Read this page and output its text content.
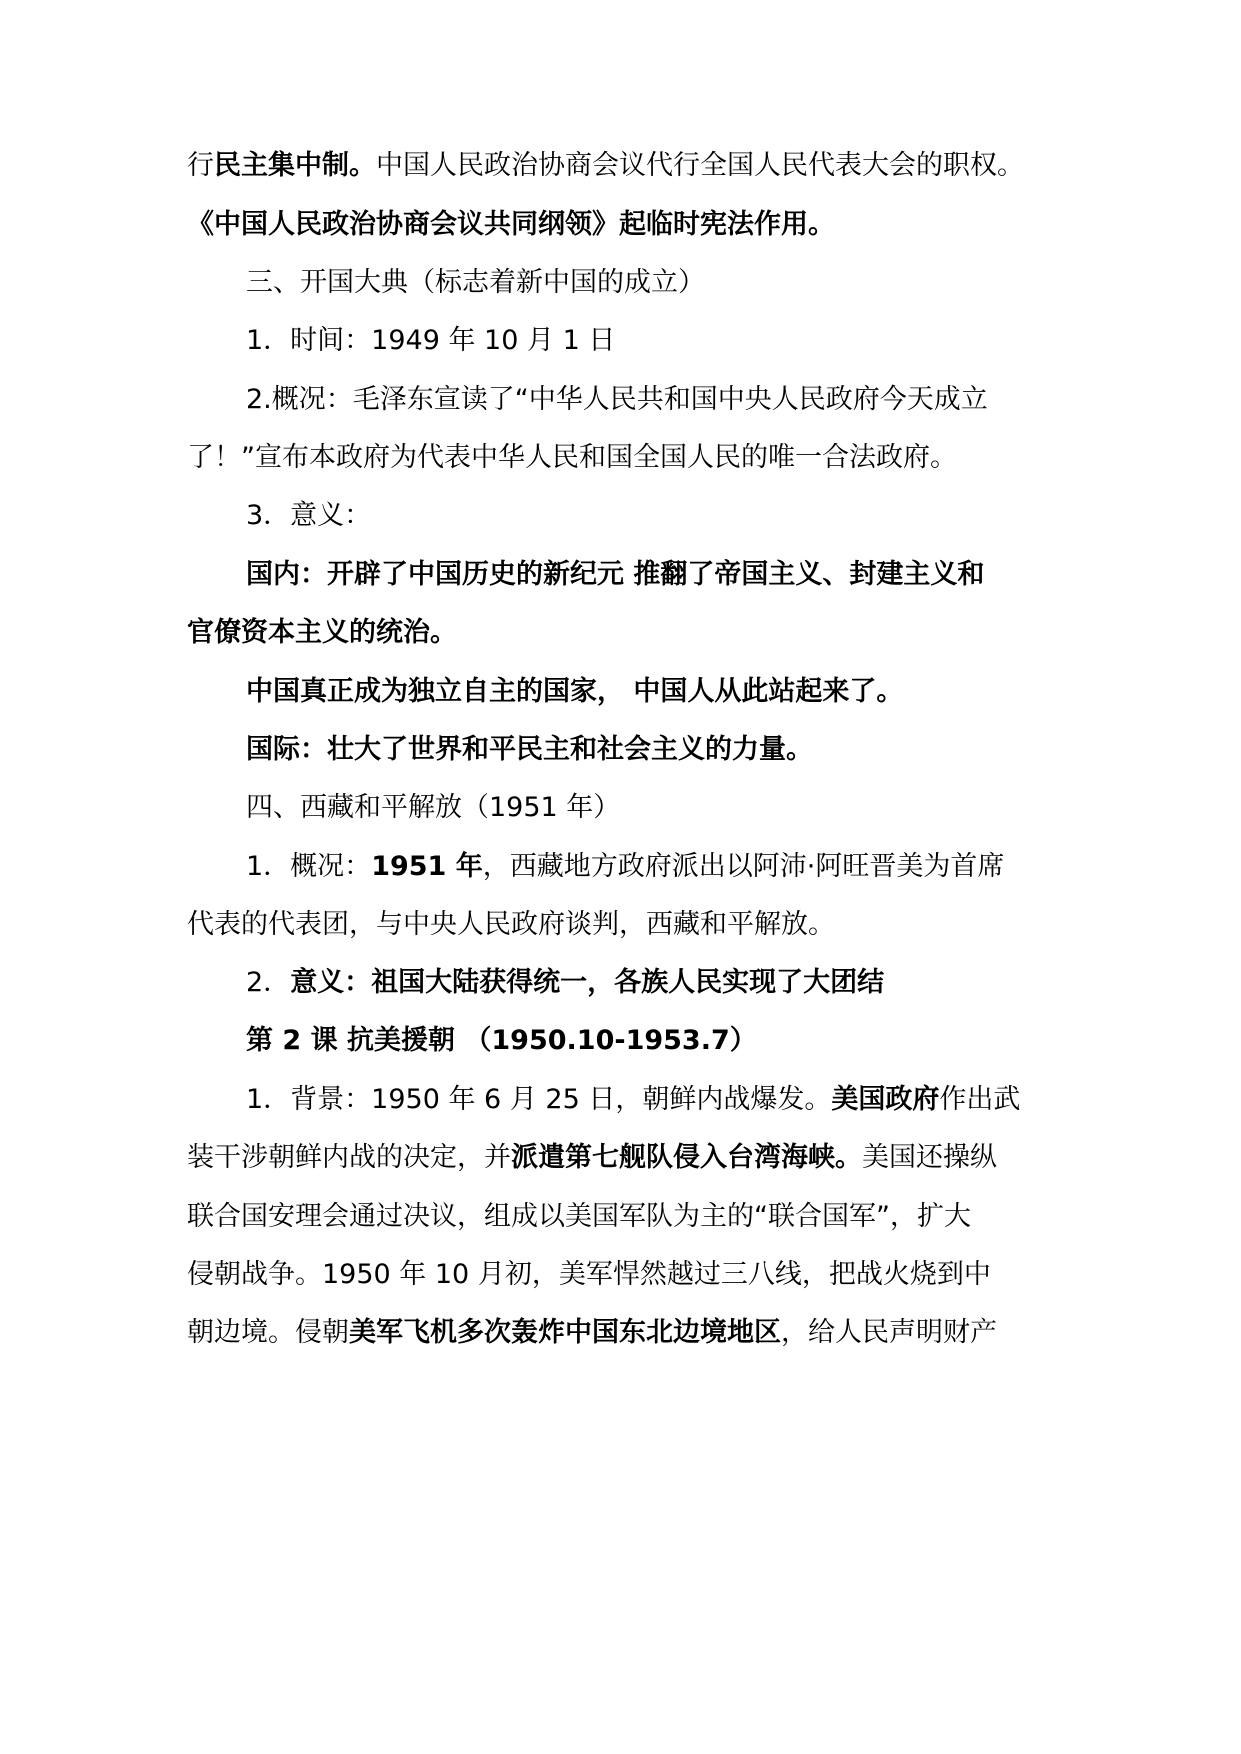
行民主集中制。中国人民政治协商会议代行全国人民代表大会的职权。
《中国人民政治协商会议共同纲领》起临时宪法作用。
三、开国大典（标志着新中国的成立）
1．时间：1949 年 10 月 1 日
2.概况：毛泽东宣读了“中华人民共和国中央人民政府今天成立
了！”宣布本政府为代表中华人民和国全国人民的唯一合法政府。
3．意义：
国内：开辟了中国历史的新纪元 推翻了帝国主义、封建主义和
官僚资本主义的统治。
中国真正成为独立自主的国家， 中国人从此站起来了。
国际：壮大了世界和平民主和社会主义的力量。
四、西藏和平解放（1951 年）
1．概况：1951 年，西藏地方政府派出以阿沛·阿旺晋美为首席
代表的代表团，与中央人民政府谈判，西藏和平解放。
2．意义：祖国大陆获得统一，各族人民实现了大团结
第 2 课 抗美援朝 （1950.10-1953.7）
1．背景：1950 年 6 月 25 日，朝鲜内战爆发。美国政府作出武
装干涉朝鲜内战的决定，并派遣第七舰队侵入台湾海峡。美国还操纵
联合国安理会通过决议，组成以美国军队为主的“联合国军”，扩大
侵朝战争。1950 年 10 月初，美军悍然越过三八线，把战火烧到中
朝边境。侵朝美军飞机多次轰炸中国东北边境地区，给人民声明财产
